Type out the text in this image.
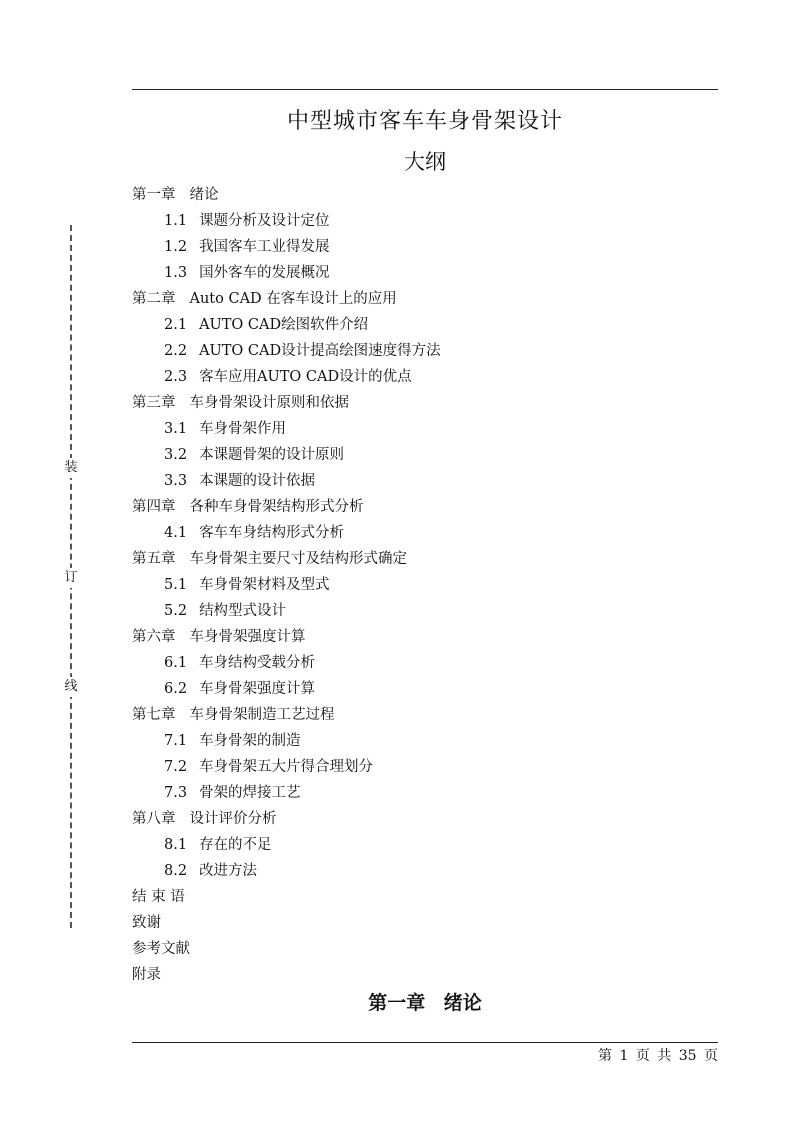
中型城市客车车身骨架设计
大纲
第一章 绪论
1.1 课题分析及设计定位
1.2 我国客车工业得发展
1.3 国外客车的发展概况
第二章 Auto CAD 在客车设计上的应用
2.1 AUTO CAD绘图软件介绍
2.2 AUTO CAD设计提高绘图速度得方法
2.3 客车应用AUTO CAD设计的优点
第三章 车身骨架设计原则和依据
3.1 车身骨架作用
3.2 本课题骨架的设计原则
3.3 本课题的设计依据
第四章 各种车身骨架结构形式分析
4.1 客车车身结构形式分析
第五章 车身骨架主要尺寸及结构形式确定
5.1 车身骨架材料及型式
5.2 结构型式设计
第六章 车身骨架强度计算
6.1 车身结构受载分析
6.2 车身骨架强度计算
第七章 车身骨架制造工艺过程
7.1 车身骨架的制造
7.2 车身骨架五大片得合理划分
7.3 骨架的焊接工艺
第八章 设计评价分析
8.1 存在的不足
8.2 改进方法
结 束 语
致谢
参考文献
附录
第一章 绪论
第 1 页 共 35 页
装
订
线
